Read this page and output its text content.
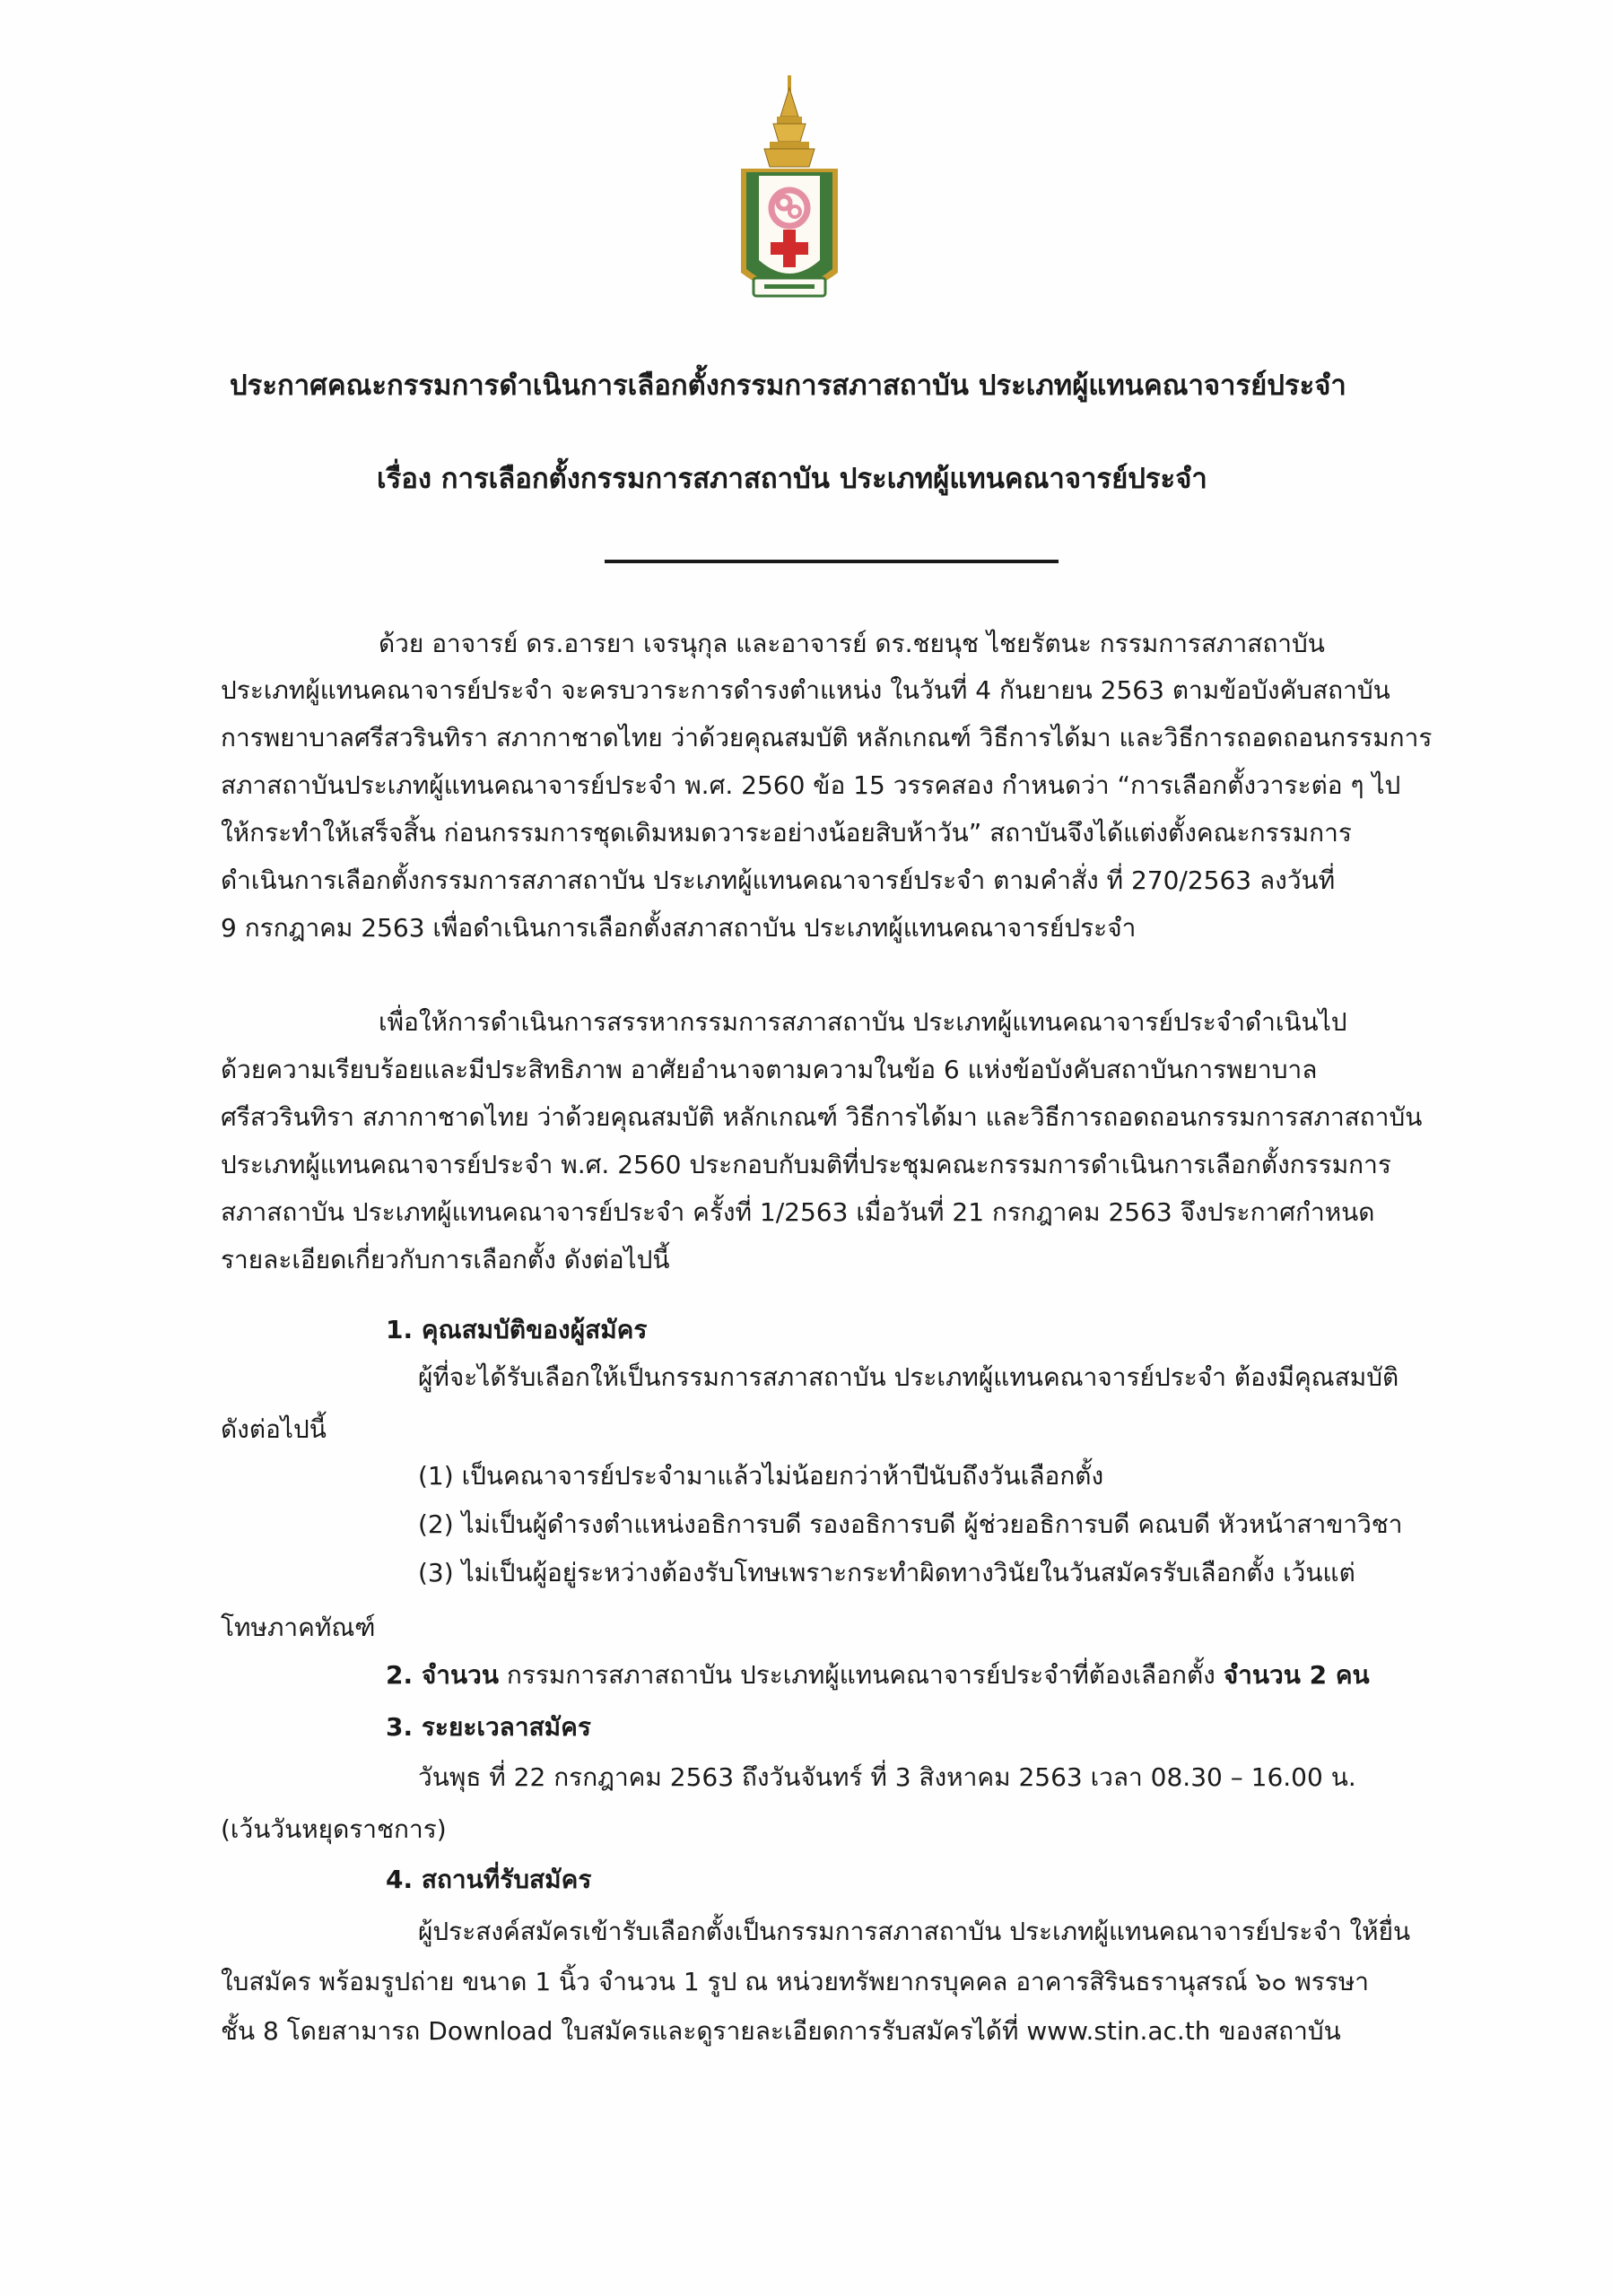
ประกาศคณะกรรมการดำเนินการเลือกตั้งกรรมการสภาสถาบัน ประเภทผู้แทนคณาจารย์ประจำ
เรื่อง การเลือกตั้งกรรมการสภาสถาบัน ประเภทผู้แทนคณาจารย์ประจำ
ด้วย อาจารย์ ดร.อารยา เจรนุกุล และอาจารย์ ดร.ชยนุช ไชยรัตนะ กรรมการสภาสถาบัน
ประเภทผู้แทนคณาจารย์ประจำ จะครบวาระการดำรงตำแหน่ง ในวันที่ 4 กันยายน 2563 ตามข้อบังคับสถาบัน
การพยาบาลศรีสวรินทิรา สภากาชาดไทย ว่าด้วยคุณสมบัติ หลักเกณฑ์ วิธีการได้มา และวิธีการถอดถอนกรรมการ
สภาสถาบันประเภทผู้แทนคณาจารย์ประจำ พ.ศ. 2560 ข้อ 15 วรรคสอง กำหนดว่า “การเลือกตั้งวาระต่อ ๆ ไป
ให้กระทำให้เสร็จสิ้น ก่อนกรรมการชุดเดิมหมดวาระอย่างน้อยสิบห้าวัน” สถาบันจึงได้แต่งตั้งคณะกรรมการ
ดำเนินการเลือกตั้งกรรมการสภาสถาบัน ประเภทผู้แทนคณาจารย์ประจำ ตามคำสั่ง ที่ 270/2563 ลงวันที่
9 กรกฎาคม 2563 เพื่อดำเนินการเลือกตั้งสภาสถาบัน ประเภทผู้แทนคณาจารย์ประจำ
เพื่อให้การดำเนินการสรรหากรรมการสภาสถาบัน ประเภทผู้แทนคณาจารย์ประจำดำเนินไป
ด้วยความเรียบร้อยและมีประสิทธิภาพ อาศัยอำนาจตามความในข้อ 6 แห่งข้อบังคับสถาบันการพยาบาล
ศรีสวรินทิรา สภากาชาดไทย ว่าด้วยคุณสมบัติ หลักเกณฑ์ วิธีการได้มา และวิธีการถอดถอนกรรมการสภาสถาบัน
ประเภทผู้แทนคณาจารย์ประจำ พ.ศ. 2560 ประกอบกับมติที่ประชุมคณะกรรมการดำเนินการเลือกตั้งกรรมการ
สภาสถาบัน ประเภทผู้แทนคณาจารย์ประจำ ครั้งที่ 1/2563 เมื่อวันที่ 21 กรกฎาคม 2563 จึงประกาศกำหนด
รายละเอียดเกี่ยวกับการเลือกตั้ง ดังต่อไปนี้
1. คุณสมบัติของผู้สมัคร
ผู้ที่จะได้รับเลือกให้เป็นกรรมการสภาสถาบัน ประเภทผู้แทนคณาจารย์ประจำ ต้องมีคุณสมบัติ
ดังต่อไปนี้
(1) เป็นคณาจารย์ประจำมาแล้วไม่น้อยกว่าห้าปีนับถึงวันเลือกตั้ง
(2) ไม่เป็นผู้ดำรงตำแหน่งอธิการบดี รองอธิการบดี ผู้ช่วยอธิการบดี คณบดี หัวหน้าสาขาวิชา
(3) ไม่เป็นผู้อยู่ระหว่างต้องรับโทษเพราะกระทำผิดทางวินัยในวันสมัครรับเลือกตั้ง เว้นแต่
โทษภาคทัณฑ์
2. จำนวน กรรมการสภาสถาบัน ประเภทผู้แทนคณาจารย์ประจำที่ต้องเลือกตั้ง จำนวน 2 คน
3. ระยะเวลาสมัคร
วันพุธ ที่ 22 กรกฎาคม 2563 ถึงวันจันทร์ ที่ 3 สิงหาคม 2563 เวลา 08.30 – 16.00 น.
(เว้นวันหยุดราชการ)
4. สถานที่รับสมัคร
ผู้ประสงค์สมัครเข้ารับเลือกตั้งเป็นกรรมการสภาสถาบัน ประเภทผู้แทนคณาจารย์ประจำ ให้ยื่น
ใบสมัคร พร้อมรูปถ่าย ขนาด 1 นิ้ว จำนวน 1 รูป ณ หน่วยทรัพยากรบุคคล อาคารสิรินธรานุสรณ์ ๖๐ พรรษา
ชั้น 8 โดยสามารถ Download ใบสมัครและดูรายละเอียดการรับสมัครได้ที่ www.stin.ac.th ของสถาบัน
